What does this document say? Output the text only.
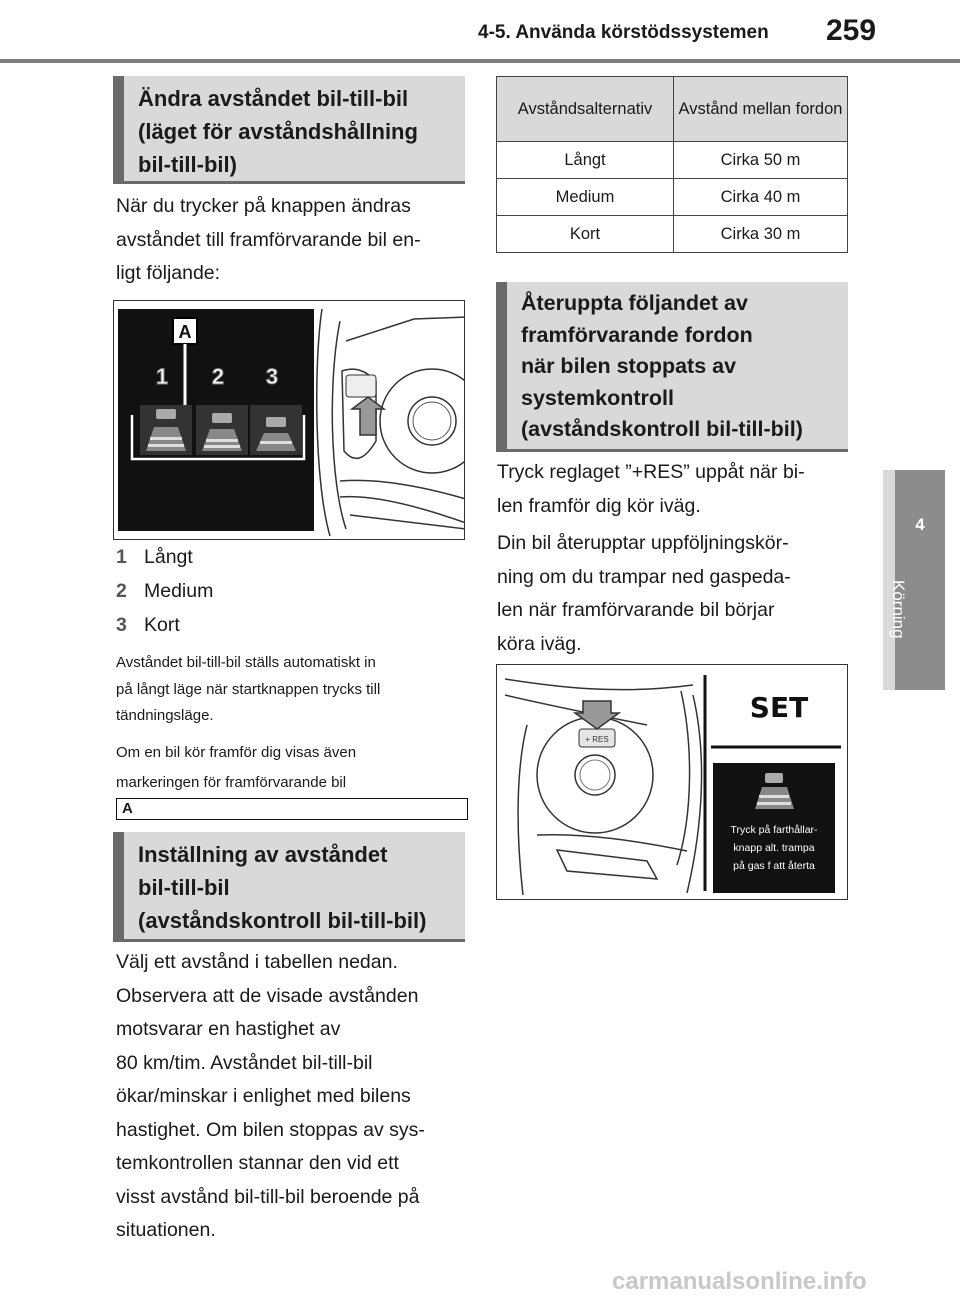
4-5. Använda körstödssystemen 259
4
Körning
Ändra avståndet bil-till-bil
(läget för avståndshållning
bil-till-bil)
När du trycker på knappen ändras
avståndet till framförvarande bil en-
ligt följande:
A
1 2 3
1 Långt
2 Medium
3 Kort
Avståndet bil-till-bil ställs automatiskt in
på långt läge när startknappen trycks till
tändningsläge.
Om en bil kör framför dig visas även
markeringen för framförvarande bil
A
Inställning av avståndet
bil-till-bil
(avståndskontroll bil-till-bil)
Välj ett avstånd i tabellen nedan.
Observera att de visade avstånden
motsvarar en hastighet av
80 km/tim. Avståndet bil-till-bil
ökar/minskar i enlighet med bilens
hastighet. Om bilen stoppas av sys-
temkontrollen stannar den vid ett
visst avstånd bil-till-bil beroende på
situationen.
Avståndsalternativ	Avstånd mellan fordon
Långt	Cirka 50 m
Medium	Cirka 40 m
Kort	Cirka 30 m
Återuppta följandet av
framförvarande fordon
när bilen stoppats av
systemkontroll
(avståndskontroll bil-till-bil)
Tryck reglaget ”+RES” uppåt när bi-
len framför dig kör iväg.
Din bil återupptar uppföljningskör-
ning om du trampar ned gaspeda-
len när framförvarande bil börjar
köra iväg.
+ RES
SET
Tryck på farthållar-
knapp alt. trampa
på gas f att återta
carmanualsonline.info
